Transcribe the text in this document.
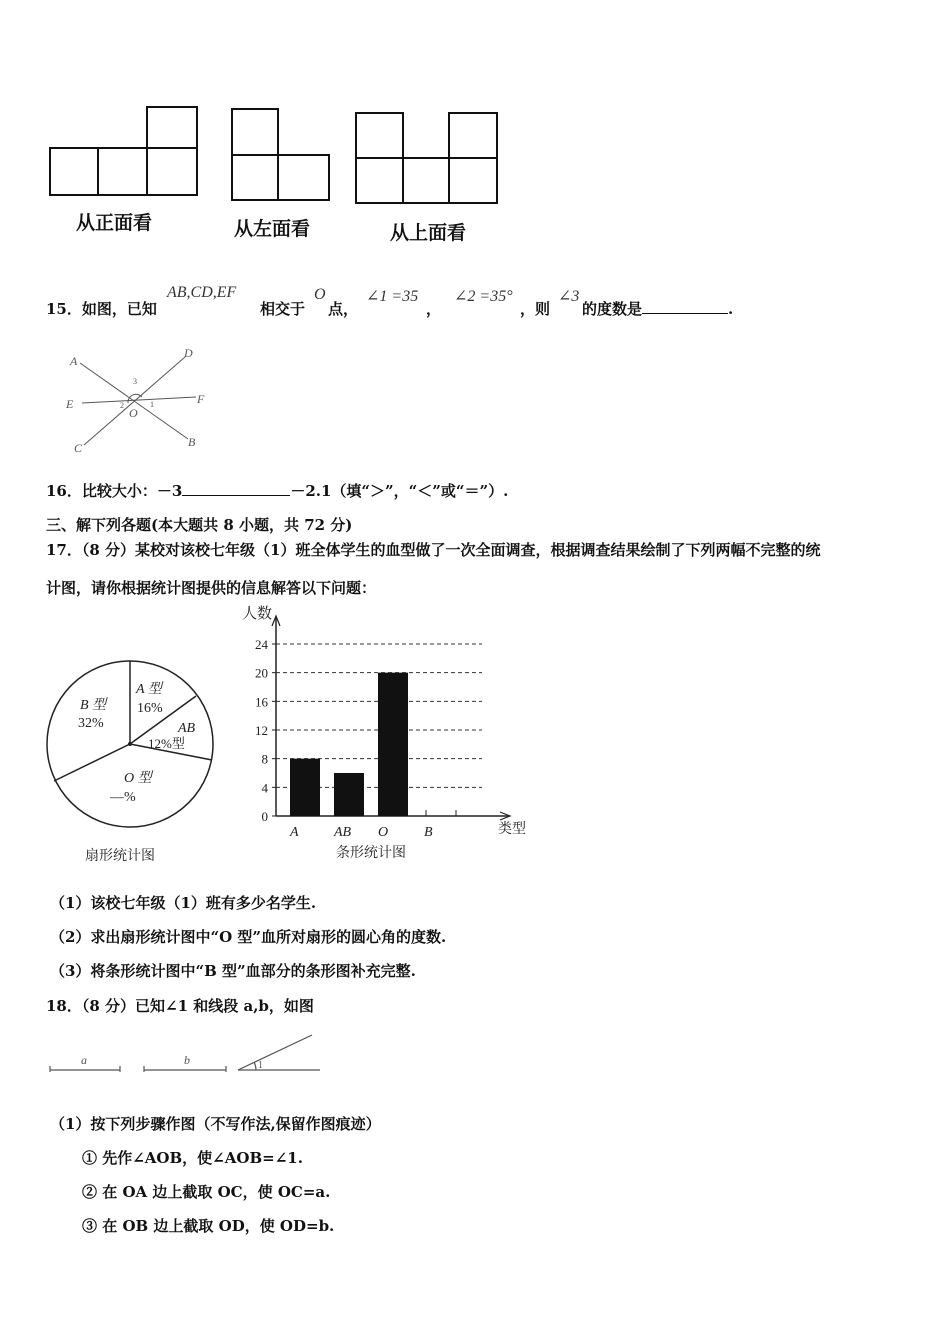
从正面看	从左面看	从上面看
15．如图，已知
AB,CD,EF
相交于
O
点，
∠1 =35
，
∠2 =35°
，则
∠3
的度数是	.
A
D
E	F
C	B
O
3
2	1
16．比较大小：－3	－2.1（填“＞”，“＜”或“＝”）.
三、解下列各题(本大题共 8 小题，共 72 分)
17．（8 分）某校对该校七年级（1）班全体学生的血型做了一次全面调查，根据调查结果绘制了下列两幅不完整的统
计图，请你根据统计图提供的信息解答以下问题：
A 型
16%
AB
12%型
B 型
32%
O 型
—%
扇形统计图
人数
类型
0
4
8
12
16
20
24
A	AB O	B
条形统计图
（1）该校七年级（1）班有多少名学生.
（2）求出扇形统计图中“O 型”血所对扇形的圆心角的度数.
（3）将条形统计图中“B 型”血部分的条形图补充完整.
18．（8 分）已知∠1 和线段 a,b，如图
a	b	1
（1）按下列步骤作图（不写作法,保留作图痕迹）
① 先作∠AOB，使∠AOB=∠1.
② 在 OA 边上截取 OC，使 OC=a.
③ 在 OB 边上截取 OD，使 OD=b.
